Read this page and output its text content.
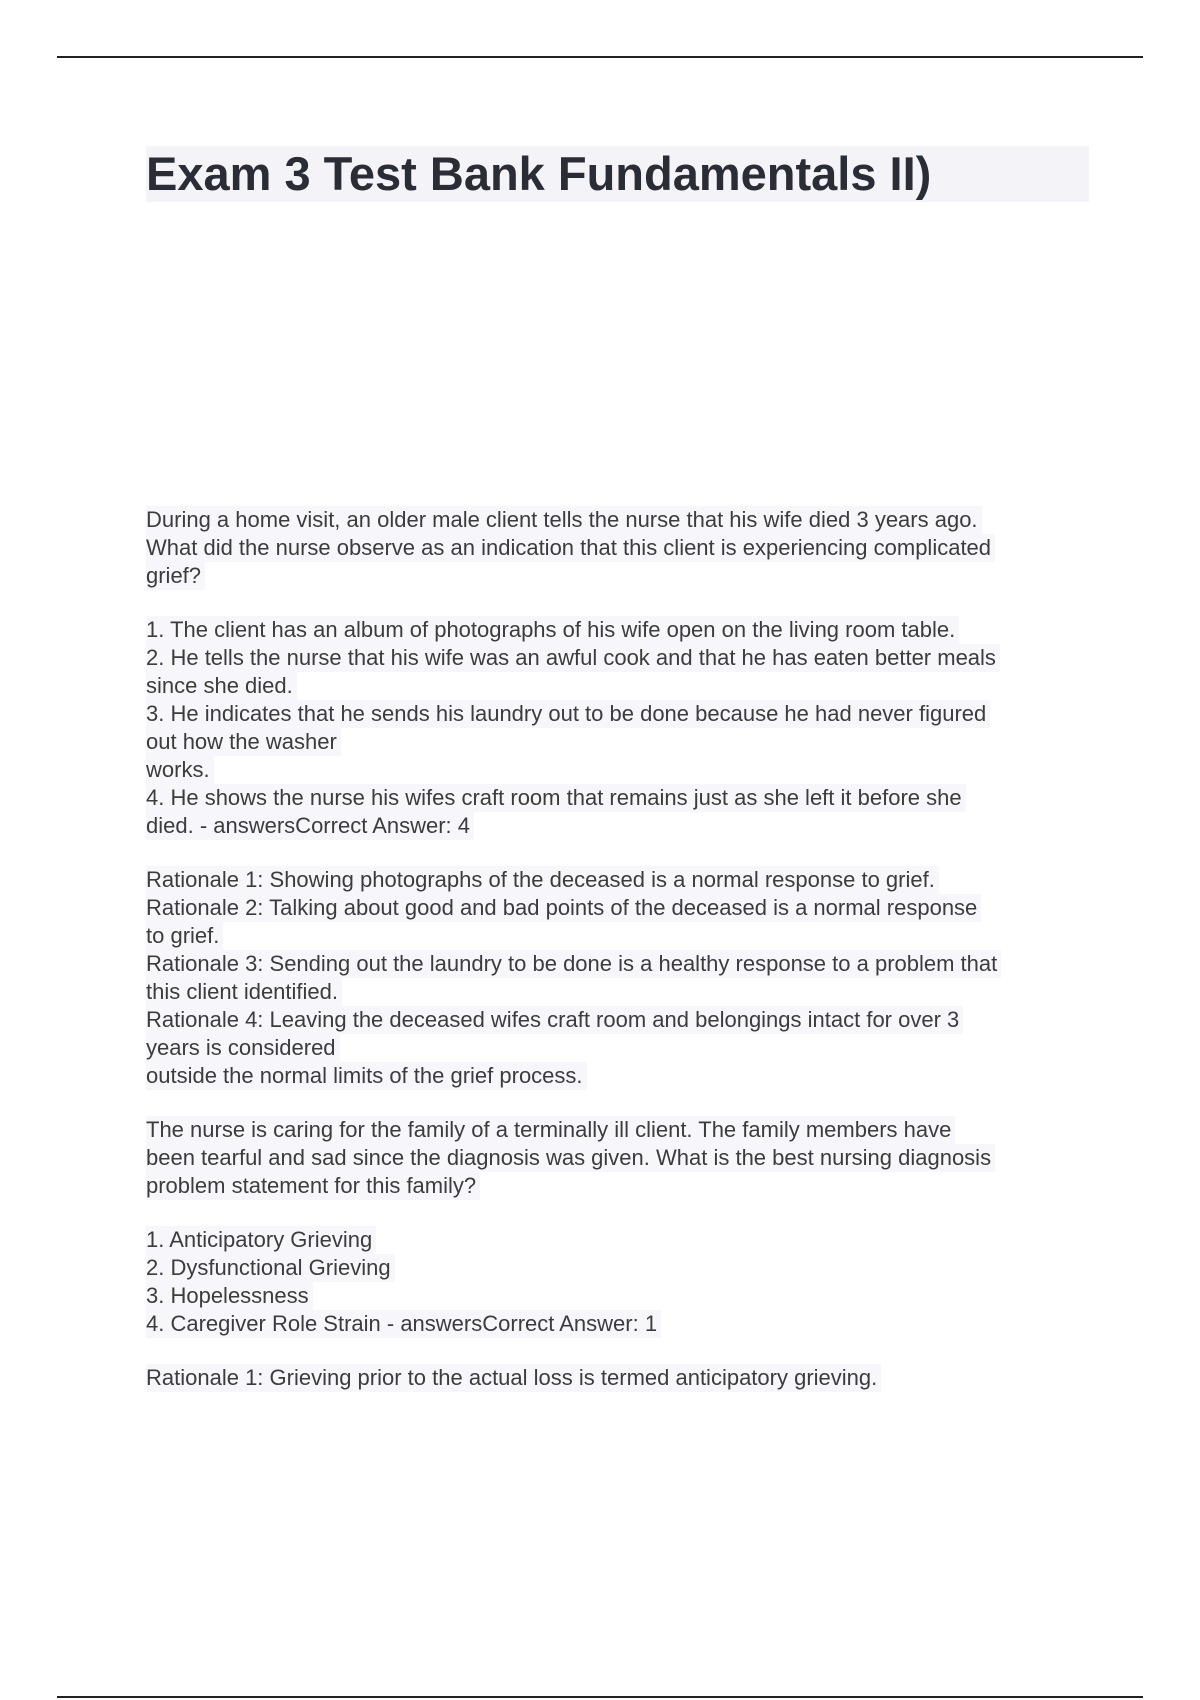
Exam 3 Test Bank Fundamentals II)

During a home visit, an older male client tells the nurse that his wife died 3 years ago.
What did the nurse observe as an indication that this client is experiencing complicated
grief?

1. The client has an album of photographs of his wife open on the living room table.
2. He tells the nurse that his wife was an awful cook and that he has eaten better meals
since she died.
3. He indicates that he sends his laundry out to be done because he had never figured
out how the washer
works.
4. He shows the nurse his wifes craft room that remains just as she left it before she
died. - answersCorrect Answer: 4

Rationale 1: Showing photographs of the deceased is a normal response to grief.
Rationale 2: Talking about good and bad points of the deceased is a normal response
to grief.
Rationale 3: Sending out the laundry to be done is a healthy response to a problem that
this client identified.
Rationale 4: Leaving the deceased wifes craft room and belongings intact for over 3
years is considered
outside the normal limits of the grief process.

The nurse is caring for the family of a terminally ill client. The family members have
been tearful and sad since the diagnosis was given. What is the best nursing diagnosis
problem statement for this family?

1. Anticipatory Grieving
2. Dysfunctional Grieving
3. Hopelessness
4. Caregiver Role Strain - answersCorrect Answer: 1

Rationale 1: Grieving prior to the actual loss is termed anticipatory grieving.
